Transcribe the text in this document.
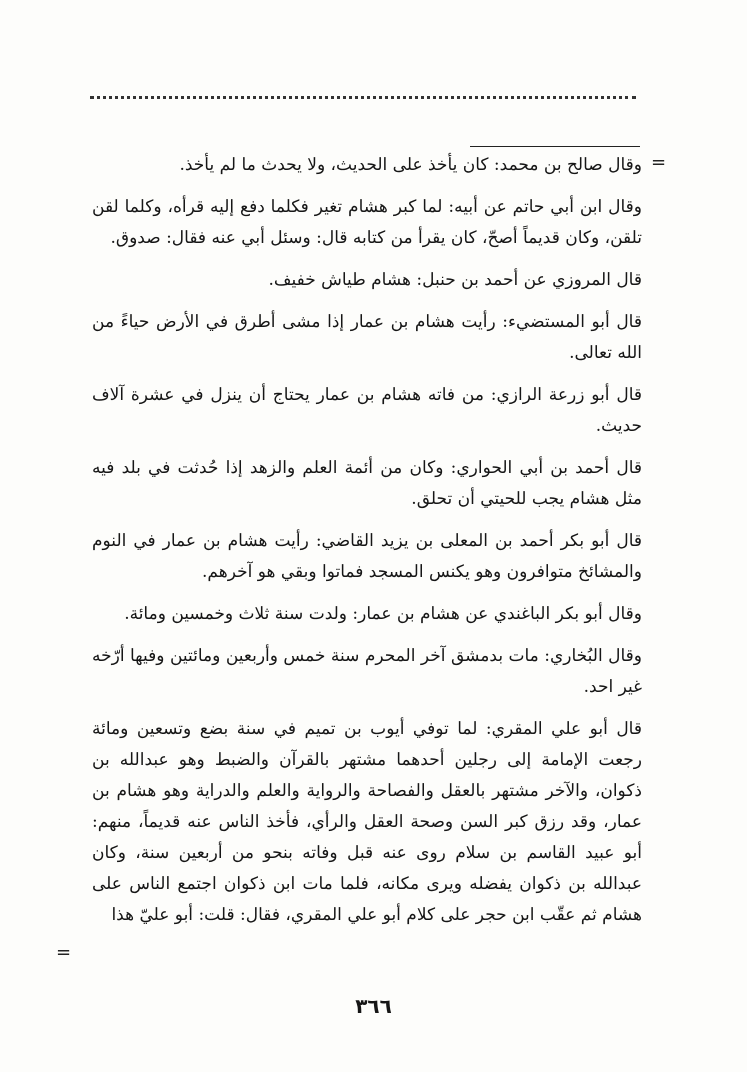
=
=

وقال صالح بن محمد: كان يأخذ على الحديث، ولا يحدث ما لم يأخذ.

وقال ابن أبي حاتم عن أبيه: لما كبر هشام تغير فكلما دفع إليه قرأه، وكلما لقن تلقن، وكان قديماً أصحّ، كان يقرأ من كتابه قال: وسئل أبي عنه فقال: صدوق.

قال المروزي عن أحمد بن حنبل: هشام طياش خفيف.

قال أبو المستضيء: رأيت هشام بن عمار إذا مشى أطرق في الأرض حياءً من الله تعالى.

قال أبو زرعة الرازي: من فاته هشام بن عمار يحتاج أن ينزل في عشرة آلاف حديث.

قال أحمد بن أبي الحواري: وكان من أئمة العلم والزهد إذا حُدثت في بلد فيه مثل هشام يجب للحيتي أن تحلق.

قال أبو بكر أحمد بن المعلى بن يزيد القاضي: رأيت هشام بن عمار في النوم والمشائخ متوافرون وهو يكنس المسجد فماتوا وبقي هو آخرهم.

وقال أبو بكر الباغندي عن هشام بن عمار: ولدت سنة ثلاث وخمسين ومائة.

وقال البُخاري: مات بدمشق آخر المحرم سنة خمس وأربعين ومائتين وفيها أرّخه غير احد.

قال أبو علي المقري: لما توفي أيوب بن تميم في سنة بضع وتسعين ومائة رجعت الإمامة إلى رجلين أحدهما مشتهر بالقرآن والضبط وهو عبدالله بن ذكوان، والآخر مشتهر بالعقل والفصاحة والرواية والعلم والدراية وهو هشام بن عمار، وقد رزق كبر السن وصحة العقل والرأي، فأخذ الناس عنه قديماً، منهم: أبو عبيد القاسم بن سلام روى عنه قبل وفاته بنحو من أربعين سنة، وكان عبدالله بن ذكوان يفضله ويرى مكانه، فلما مات ابن ذكوان اجتمع الناس على هشام ثم عقّب ابن حجر على كلام أبو علي المقري، فقال: قلت: أبو عليّ هذا

٣٦٦
